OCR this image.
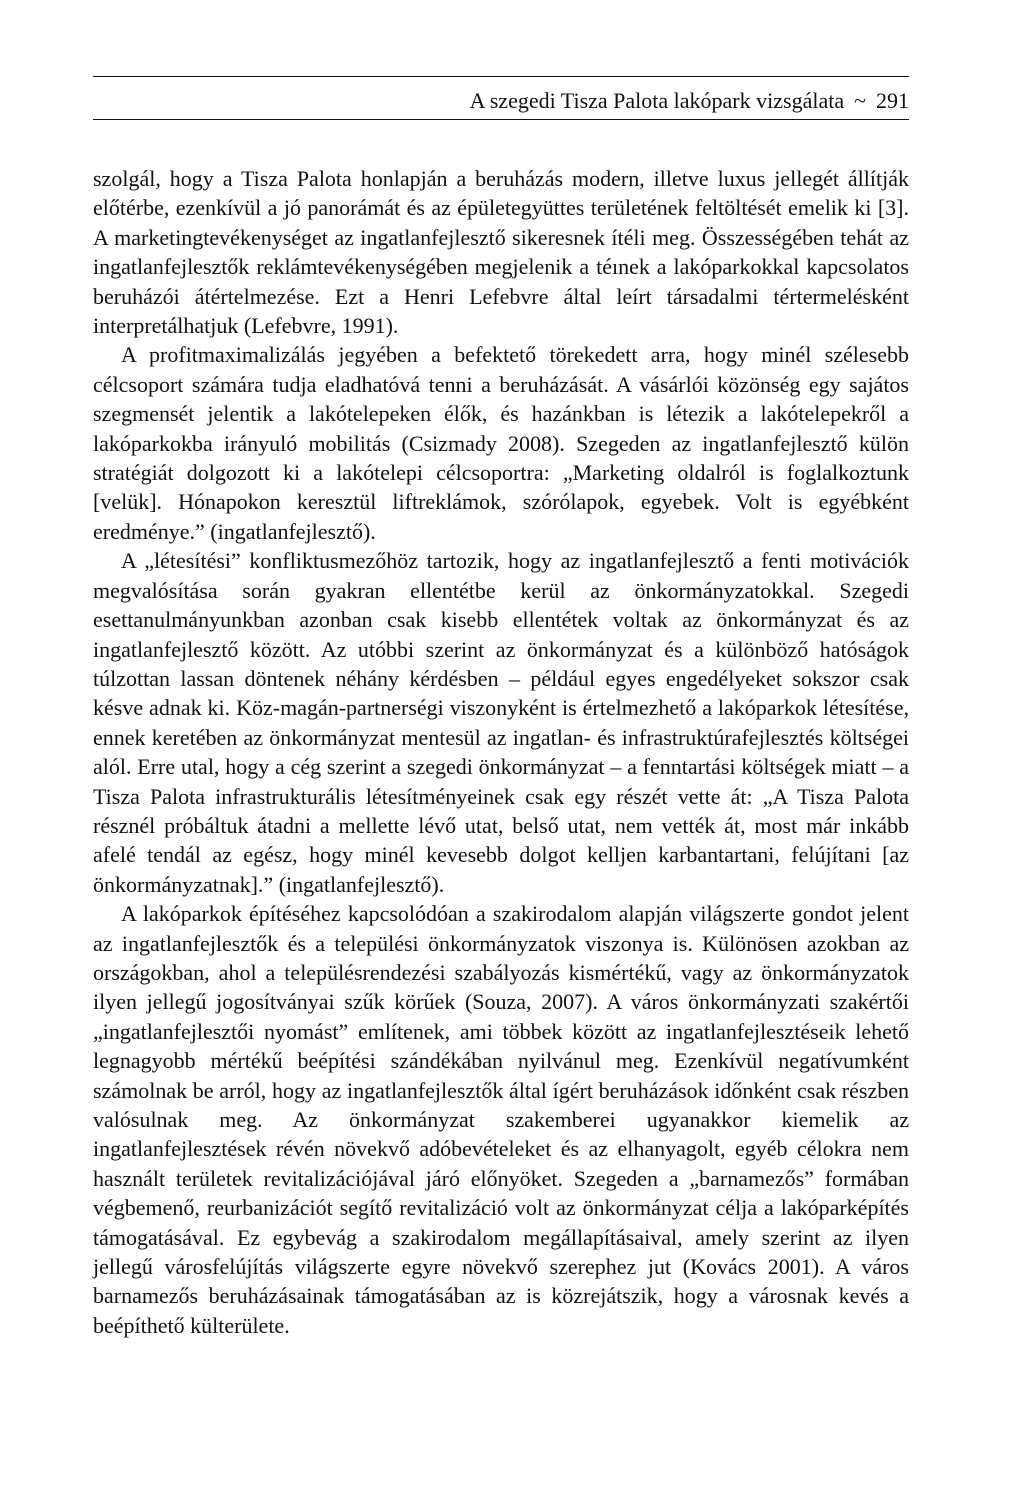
A szegedi Tisza Palota lakópark vizsgálata ~ 291

szolgál, hogy a Tisza Palota honlapján a beruházás modern, illetve luxus jellegét állítják előtérbe, ezenkívül a jó panorámát és az épületegyüttes területének feltöltését emelik ki [3]. A marketingtevékenységet az ingatlanfejlesztő sikeresnek ítéli meg. Összességében tehát az ingatlanfejlesztők reklámtevékenységében megjelenik a téınek a lakóparkokkal kapcsolatos beruházói átértelmezése. Ezt a Henri Lefebvre által leírt társadalmi tértermelésként interpretálhatjuk (Lefebvre, 1991).

A profitmaximalizálás jegyében a befektető törekedett arra, hogy minél szélesebb célcsoport számára tudja eladhatóvá tenni a beruházását. A vásárlói közönség egy sajátos szegmensét jelentik a lakótelepeken élők, és hazánkban is létezik a lakótelepekről a lakóparkokba irányuló mobilitás (Csizmady 2008). Szegeden az ingatlanfejlesztő külön stratégiát dolgozott ki a lakótelepi célcsoportra: „Marketing oldalról is foglalkoztunk [velük]. Hónapokon keresztül liftreklámok, szórólapok, egyebek. Volt is egyébként eredménye.” (ingatlanfejlesztő).

A „létesítési” konfliktusmezőhöz tartozik, hogy az ingatlanfejlesztő a fenti motivációk megvalósítása során gyakran ellentétbe kerül az önkormányzatokkal. Szegedi esettanulmányunkban azonban csak kisebb ellentétek voltak az önkormányzat és az ingatlanfejlesztő között. Az utóbbi szerint az önkormányzat és a különböző hatóságok túlzottan lassan döntenek néhány kérdésben – például egyes engedélyeket sokszor csak késve adnak ki. Köz-magán-partnerségi viszonyként is értelmezhető a lakóparkok létesítése, ennek keretében az önkormányzat mentesül az ingatlan- és infrastruktúrafejlesztés költségei alól. Erre utal, hogy a cég szerint a szegedi önkormányzat – a fenntartási költségek miatt – a Tisza Palota infrastrukturális létesítményeinek csak egy részét vette át: „A Tisza Palota résznél próbáltuk átadni a mellette lévő utat, belső utat, nem vették át, most már inkább afelé tendál az egész, hogy minél kevesebb dolgot kelljen karbantartani, felújítani [az önkormányzatnak].” (ingatlanfejlesztő).

A lakóparkok építéséhez kapcsolódóan a szakirodalom alapján világszerte gondot jelent az ingatlanfejlesztők és a települési önkormányzatok viszonya is. Különösen azokban az országokban, ahol a településrendezési szabályozás kismértékű, vagy az önkormányzatok ilyen jellegű jogosítványai szűk körűek (Souza, 2007). A város önkormányzati szakértői „ingatlanfejlesztői nyomást” említenek, ami többek között az ingatlanfejlesztéseik lehető legnagyobb mértékű beépítési szándékában nyilvánul meg. Ezenkívül negatívumként számolnak be arról, hogy az ingatlanfejlesztők által ígért beruházások időnként csak részben valósulnak meg. Az önkormányzat szakemberei ugyanakkor kiemelik az ingatlanfejlesztések révén növekvő adóbevételeket és az elhanyagolt, egyéb célokra nem használt területek revitalizációjával járó előnyöket. Szegeden a „barnamezős” formában végbemenő, reurbanizációt segítő revitalizáció volt az önkormányzat célja a lakóparképítés támogatásával. Ez egybevág a szakirodalom megállapításaival, amely szerint az ilyen jellegű városfelújítás világszerte egyre növekvő szerephez jut (Kovács 2001). A város barnamezős beruházásainak támogatásában az is közrejátszik, hogy a városnak kevés a beépíthető külterülete.
